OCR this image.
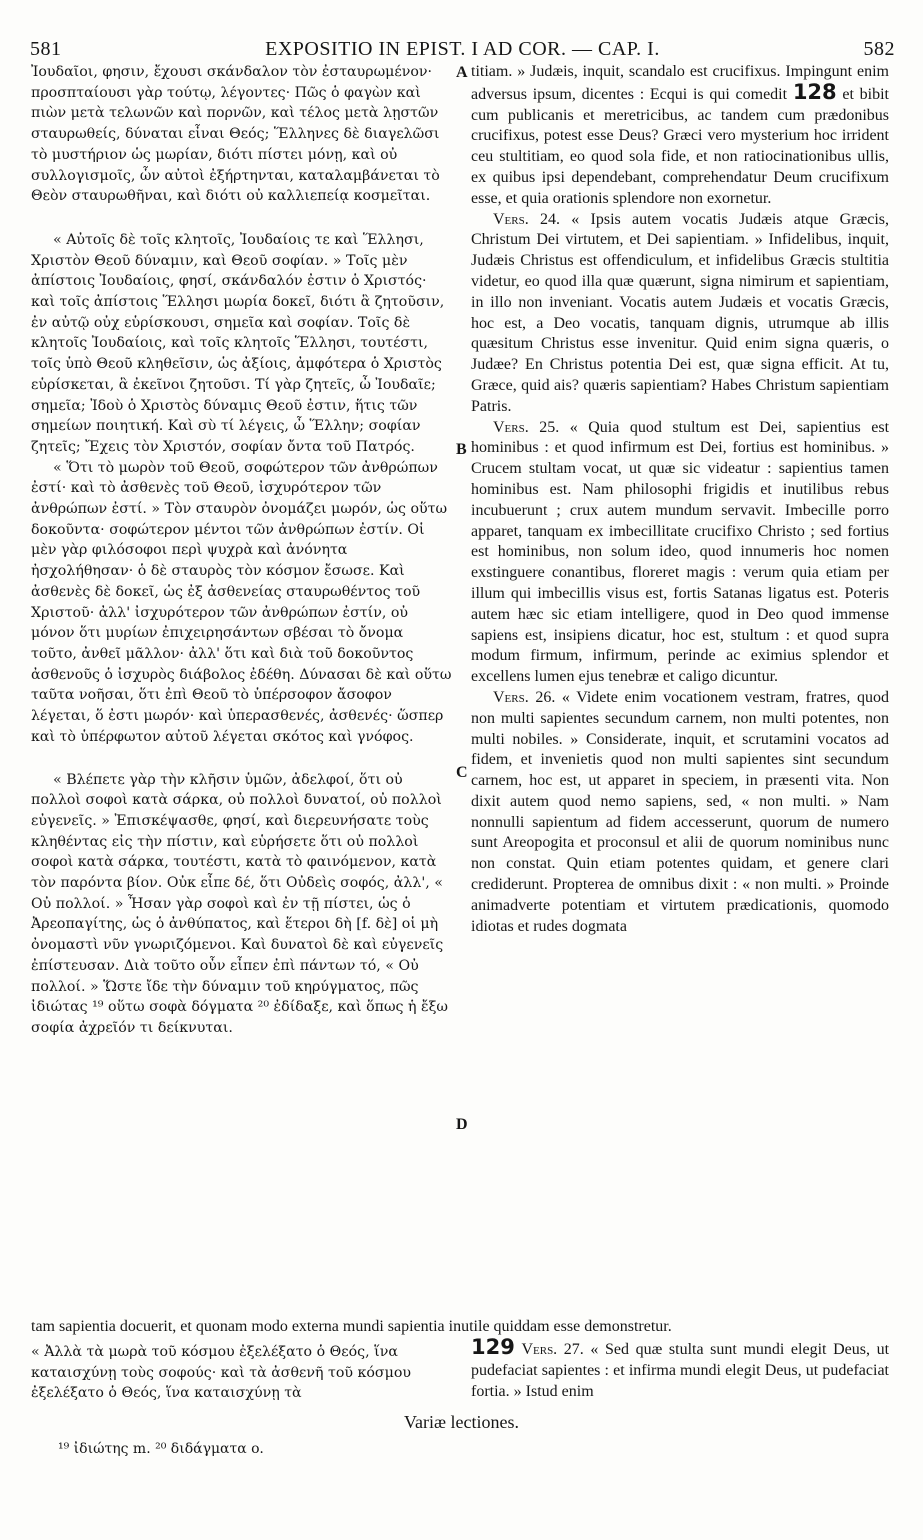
581	EXPOSITIO IN EPIST. I AD COR. — CAP. I.	582

Ἰουδαῖοι, φησιν, ἔχουσι σκάνδαλον τὸν ἐσταυρωμένον· προσπταίουσι γὰρ τούτῳ, λέγοντες· Πῶς ὁ φαγὼν καὶ πιὼν μετὰ τελωνῶν καὶ πορνῶν, καὶ τέλος μετὰ λῃστῶν σταυρωθείς, δύναται εἶναι Θεός; Ἕλληνες δὲ διαγελῶσι τὸ μυστήριον ὡς μωρίαν, διότι πίστει μόνῃ, καὶ οὐ συλλογισμοῖς, ὧν αὐτοὶ ἐξήρτηνται, καταλαμβάνεται τὸ Θεὸν σταυρωθῆναι, καὶ διότι οὐ καλλιεπείᾳ κοσμεῖται.

« Αὐτοῖς δὲ τοῖς κλητοῖς, Ἰουδαίοις τε καὶ Ἕλλησι, Χριστὸν Θεοῦ δύναμιν, καὶ Θεοῦ σοφίαν. » Τοῖς μὲν ἀπίστοις Ἰουδαίοις, φησί, σκάνδαλόν ἐστιν ὁ Χριστός· καὶ τοῖς ἀπίστοις Ἕλλησι μωρία δοκεῖ, διότι ἃ ζητοῦσιν, ἐν αὐτῷ οὐχ εὑρίσκουσι, σημεῖα καὶ σοφίαν. Τοῖς δὲ κλητοῖς Ἰουδαίοις, καὶ τοῖς κλητοῖς Ἕλλησι, τουτέστι, τοῖς ὑπὸ Θεοῦ κληθεῖσιν, ὡς ἀξίοις, ἀμφότερα ὁ Χριστὸς εὑρίσκεται, ἃ ἐκεῖνοι ζητοῦσι. Τί γὰρ ζητεῖς, ὦ Ἰουδαῖε; σημεῖα; Ἰδοὺ ὁ Χριστὸς δύναμις Θεοῦ ἐστιν, ἥτις τῶν σημείων ποιητική. Καὶ σὺ τί λέγεις, ὦ Ἕλλην; σοφίαν ζητεῖς; Ἔχεις τὸν Χριστόν, σοφίαν ὄντα τοῦ Πατρός.

« Ὅτι τὸ μωρὸν τοῦ Θεοῦ, σοφώτερον τῶν ἀνθρώπων ἐστί· καὶ τὸ ἀσθενὲς τοῦ Θεοῦ, ἰσχυρότερον τῶν ἀνθρώπων ἐστί. » Τὸν σταυρὸν ὀνομάζει μωρόν, ὡς οὕτω δοκοῦντα· σοφώτερον μέντοι τῶν ἀνθρώπων ἐστίν. Οἱ μὲν γὰρ φιλόσοφοι περὶ ψυχρὰ καὶ ἀνόνητα ἠσχολήθησαν· ὁ δὲ σταυρὸς τὸν κόσμον ἔσωσε. Καὶ ἀσθενὲς δὲ δοκεῖ, ὡς ἐξ ἀσθενείας σταυρωθέντος τοῦ Χριστοῦ· ἀλλ' ἰσχυρότερον τῶν ἀνθρώπων ἐστίν, οὐ μόνον ὅτι μυρίων ἐπιχειρησάντων σβέσαι τὸ ὄνομα τοῦτο, ἀνθεῖ μᾶλλον· ἀλλ' ὅτι καὶ διὰ τοῦ δοκοῦντος ἀσθενοῦς ὁ ἰσχυρὸς διάβολος ἐδέθη. Δύνασαι δὲ καὶ οὕτω ταῦτα νοῆσαι, ὅτι ἐπὶ Θεοῦ τὸ ὑπέρσοφον ἄσοφον λέγεται, ὅ ἐστι μωρόν· καὶ ὑπερασθενές, ἀσθενές· ὥσπερ καὶ τὸ ὑπέρφωτον αὐτοῦ λέγεται σκότος καὶ γνόφος.

« Βλέπετε γὰρ τὴν κλῆσιν ὑμῶν, ἀδελφοί, ὅτι οὐ πολλοὶ σοφοὶ κατὰ σάρκα, οὐ πολλοὶ δυνατοί, οὐ πολλοὶ εὐγενεῖς. » Ἐπισκέψασθε, φησί, καὶ διερευνήσατε τοὺς κληθέντας εἰς τὴν πίστιν, καὶ εὑρήσετε ὅτι οὐ πολλοὶ σοφοὶ κατὰ σάρκα, τουτέστι, κατὰ τὸ φαινόμενον, κατὰ τὸν παρόντα βίον. Οὐκ εἶπε δέ, ὅτι Οὐδεὶς σοφός, ἀλλ', « Οὐ πολλοί. » Ἦσαν γὰρ σοφοὶ καὶ ἐν τῇ πίστει, ὡς ὁ Ἀρεοπαγίτης, ὡς ὁ ἀνθύπατος, καὶ ἕτεροι δὴ [f. δὲ] οἱ μὴ ὀνομαστὶ νῦν γνωριζόμενοι. Καὶ δυνατοὶ δὲ καὶ εὐγενεῖς ἐπίστευσαν. Διὰ τοῦτο οὖν εἶπεν ἐπὶ πάντων τό, « Οὐ πολλοί. » Ὥστε ἴδε τὴν δύναμιν τοῦ κηρύγματος, πῶς ἰδιώτας ¹⁹ οὕτω σοφὰ δόγματα ²⁰ ἐδίδαξε, καὶ ὅπως ἡ ἔξω σοφία ἀχρεῖόν τι δείκνυται.

A
B
C
D

titiam. » Judæis, inquit, scandalo est crucifixus. Impingunt enim adversus ipsum, dicentes : Ecqui is qui comedit 128 et bibit cum publicanis et meretricibus, ac tandem cum prædonibus crucifixus, potest esse Deus? Græci vero mysterium hoc irrident ceu stultitiam, eo quod sola fide, et non ratiocinationibus ullis, ex quibus ipsi dependebant, comprehendatur Deum crucifixum esse, et quia orationis splendore non exornetur.

Vers. 24. « Ipsis autem vocatis Judæis atque Græcis, Christum Dei virtutem, et Dei sapientiam. » Infidelibus, inquit, Judæis Christus est offendiculum, et infidelibus Græcis stultitia videtur, eo quod illa quæ quærunt, signa nimirum et sapientiam, in illo non inveniant. Vocatis autem Judæis et vocatis Græcis, hoc est, a Deo vocatis, tanquam dignis, utrumque ab illis quæsitum Christus esse invenitur. Quid enim signa quæris, o Judæe? En Christus potentia Dei est, quæ signa efficit. At tu, Græce, quid ais? quæris sapientiam? Habes Christum sapientiam Patris.

Vers. 25. « Quia quod stultum est Dei, sapientius est hominibus : et quod infirmum est Dei, fortius est hominibus. » Crucem stultam vocat, ut quæ sic videatur : sapientius tamen hominibus est. Nam philosophi frigidis et inutilibus rebus incubuerunt ; crux autem mundum servavit. Imbecille porro apparet, tanquam ex imbecillitate crucifixo Christo ; sed fortius est hominibus, non solum ideo, quod innumeris hoc nomen exstinguere conantibus, floreret magis : verum quia etiam per illum qui imbecillis visus est, fortis Satanas ligatus est. Poteris autem hæc sic etiam intelligere, quod in Deo quod immense sapiens est, insipiens dicatur, hoc est, stultum : et quod supra modum firmum, infirmum, perinde ac eximius splendor et excellens lumen ejus tenebræ et caligo dicuntur.

Vers. 26. « Videte enim vocationem vestram, fratres, quod non multi sapientes secundum carnem, non multi potentes, non multi nobiles. » Considerate, inquit, et scrutamini vocatos ad fidem, et invenietis quod non multi sapientes sint secundum carnem, hoc est, ut apparet in speciem, in præsenti vita. Non dixit autem quod nemo sapiens, sed, « non multi. » Nam nonnulli sapientum ad fidem accesserunt, quorum de numero sunt Areopogita et proconsul et alii de quorum nominibus nunc non constat. Quin etiam potentes quidam, et genere clari crediderunt. Propterea de omnibus dixit : « non multi. » Proinde animadverte potentiam et virtutem prædicationis, quomodo idiotas et rudes dogmata

tam sapientia docuerit, et quonam modo externa mundi sapientia inutile quiddam esse demonstretur.
« Ἀλλὰ τὰ μωρὰ τοῦ κόσμου ἐξελέξατο ὁ Θεός, ἵνα καταισχύνῃ τοὺς σοφούς· καὶ τὰ ἀσθενῆ τοῦ κόσμου ἐξελέξατο ὁ Θεός, ἵνα καταισχύνῃ τὰ
129 Vers. 27. « Sed quæ stulta sunt mundi elegit Deus, ut pudefaciat sapientes : et infirma mundi elegit Deus, ut pudefaciat fortia. » Istud enim
Variæ lectiones.
¹⁹ ἰδιώτης m. ²⁰ διδάγματα o.
